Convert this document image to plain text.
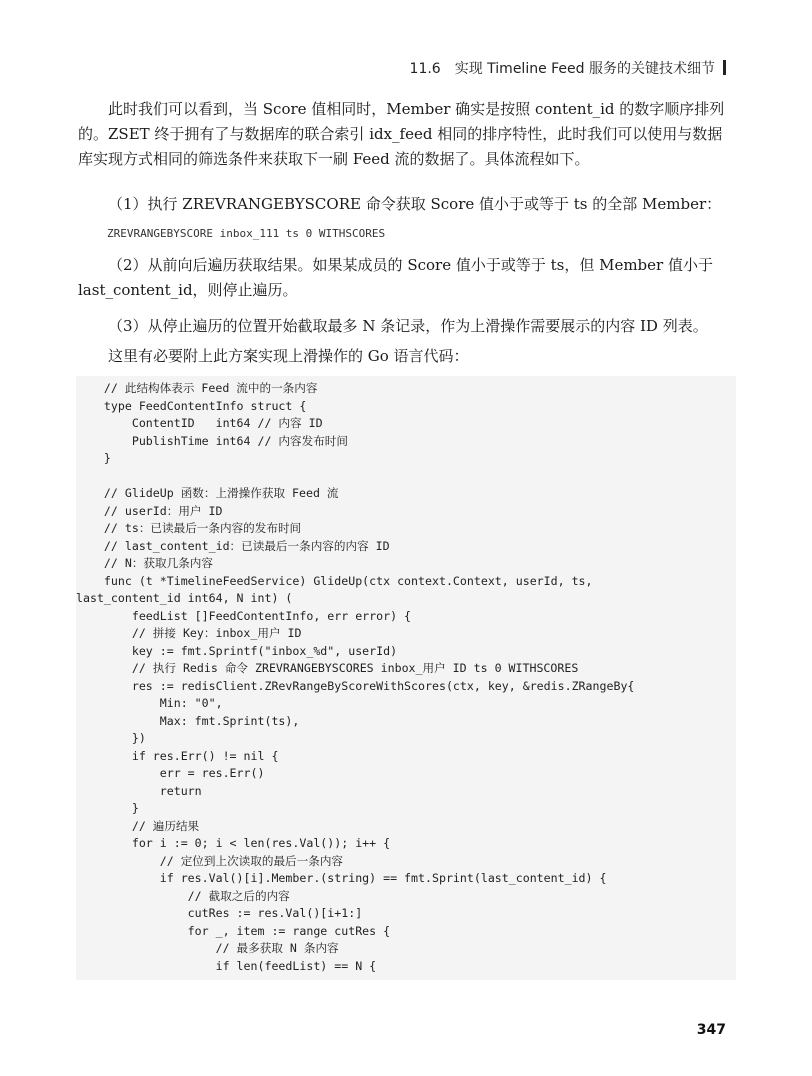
11.6 实现 Timeline Feed 服务的关键技术细节
此时我们可以看到，当 Score 值相同时，Member 确实是按照 content_id 的数字顺序排列的。ZSET 终于拥有了与数据库的联合索引 idx_feed 相同的排序特性，此时我们可以使用与数据库实现方式相同的筛选条件来获取下一刷 Feed 流的数据了。具体流程如下。
（1）执行 ZREVRANGEBYSCORE 命令获取 Score 值小于或等于 ts 的全部 Member：
ZREVRANGEBYSCORE inbox_111 ts 0 WITHSCORES
（2）从前向后遍历获取结果。如果某成员的 Score 值小于或等于 ts，但 Member 值小于 last_content_id，则停止遍历。
（3）从停止遍历的位置开始截取最多 N 条记录，作为上滑操作需要展示的内容 ID 列表。
这里有必要附上此方案实现上滑操作的 Go 语言代码：
// 此结构体表示 Feed 流中的一条内容
type FeedContentInfo struct {
ContentID   int64 // 内容 ID
PublishTime int64 // 内容发布时间
}

// GlideUp 函数：上滑操作获取 Feed 流
// userId：用户 ID
// ts：已读最后一条内容的发布时间
// last_content_id：已读最后一条内容的内容 ID
// N：获取几条内容
func (t *TimelineFeedService) GlideUp(ctx context.Context, userId, ts,
last_content_id int64, N int) (
feedList []FeedContentInfo, err error) {
// 拼接 Key：inbox_用户 ID
key := fmt.Sprintf("inbox_%d", userId)
// 执行 Redis 命令 ZREVRANGEBYSCORES inbox_用户 ID ts 0 WITHSCORES
res := redisClient.ZRevRangeByScoreWithScores(ctx, key, &redis.ZRangeBy{
Min: "0",
Max: fmt.Sprint(ts),
})
if res.Err() != nil {
err = res.Err()
return
}
// 遍历结果
for i := 0; i < len(res.Val()); i++ {
// 定位到上次读取的最后一条内容
if res.Val()[i].Member.(string) == fmt.Sprint(last_content_id) {
// 截取之后的内容
cutRes := res.Val()[i+1:]
for _, item := range cutRes {
// 最多获取 N 条内容
if len(feedList) == N {

347
